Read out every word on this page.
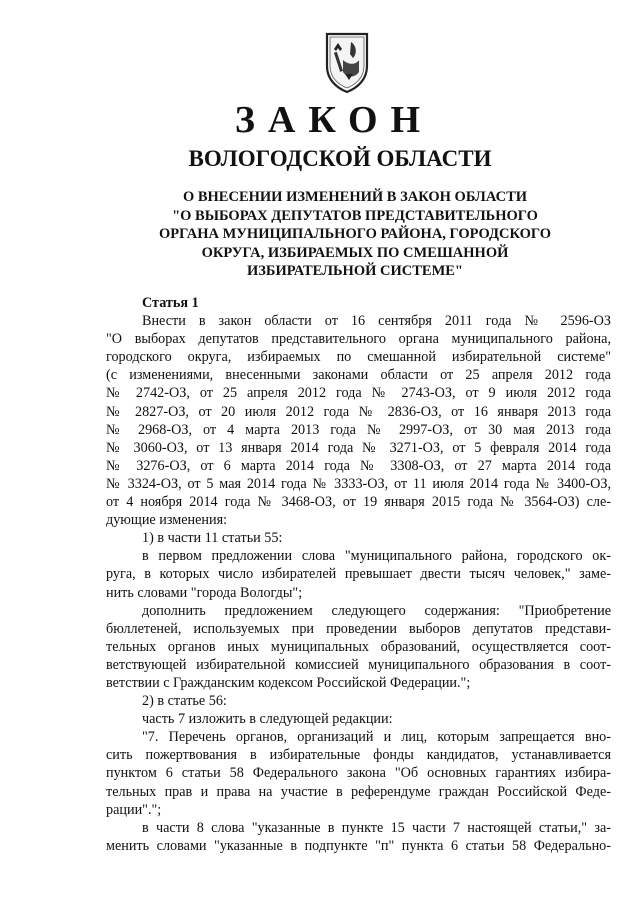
ЗАКОН
ВОЛОГОДСКОЙ ОБЛАСТИ
О ВНЕСЕНИИ ИЗМЕНЕНИЙ В ЗАКОН ОБЛАСТИ
"О ВЫБОРАХ ДЕПУТАТОВ ПРЕДСТАВИТЕЛЬНОГО
ОРГАНА МУНИЦИПАЛЬНОГО РАЙОНА, ГОРОДСКОГО
ОКРУГА, ИЗБИРАЕМЫХ ПО СМЕШАННОЙ
ИЗБИРАТЕЛЬНОЙ СИСТЕМЕ"
Статья 1
Внести в закон области от 16 сентября 2011 года № 2596-ОЗ
"О выборах депутатов представительного органа муниципального района,
городского округа, избираемых по смешанной избирательной системе"
(с изменениями, внесенными законами области от 25 апреля 2012 года
№ 2742-ОЗ, от 25 апреля 2012 года № 2743-ОЗ, от 9 июля 2012 года
№ 2827-ОЗ, от 20 июля 2012 года № 2836-ОЗ, от 16 января 2013 года
№ 2968-ОЗ, от 4 марта 2013 года № 2997-ОЗ, от 30 мая 2013 года
№ 3060-ОЗ, от 13 января 2014 года № 3271-ОЗ, от 5 февраля 2014 года
№ 3276-ОЗ, от 6 марта 2014 года № 3308-ОЗ, от 27 марта 2014 года
№ 3324-ОЗ, от 5 мая 2014 года № 3333-ОЗ, от 11 июля 2014 года № 3400-ОЗ,
от 4 ноября 2014 года № 3468-ОЗ, от 19 января 2015 года № 3564-ОЗ) сле-
дующие изменения:
1) в части 11 статьи 55:
в первом предложении слова "муниципального района, городского ок-
руга, в которых число избирателей превышает двести тысяч человек," заме-
нить словами "города Вологды";
дополнить предложением следующего содержания: "Приобретение
бюллетеней, используемых при проведении выборов депутатов представи-
тельных органов иных муниципальных образований, осуществляется соот-
ветствующей избирательной комиссией муниципального образования в соот-
ветствии с Гражданским кодексом Российской Федерации.";
2) в статье 56:
часть 7 изложить в следующей редакции:
"7. Перечень органов, организаций и лиц, которым запрещается вно-
сить пожертвования в избирательные фонды кандидатов, устанавливается
пунктом 6 статьи 58 Федерального закона "Об основных гарантиях избира-
тельных прав и права на участие в референдуме граждан Российской Феде-
рации".";
в части 8 слова "указанные в пункте 15 части 7 настоящей статьи," за-
менить словами "указанные в подпункте "п" пункта 6 статьи 58 Федерально-
